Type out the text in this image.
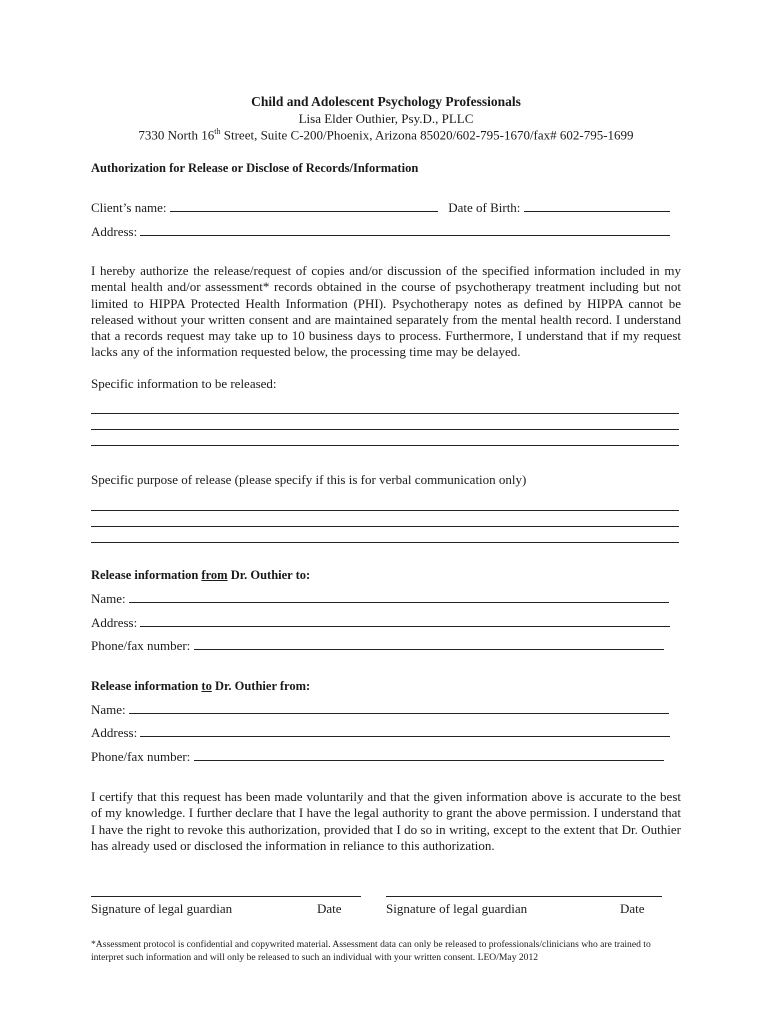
Child and Adolescent Psychology Professionals
Lisa Elder Outhier, Psy.D., PLLC
7330 North 16th Street, Suite C-200/Phoenix, Arizona 85020/602-795-1670/fax# 602-795-1699
Authorization for Release or Disclose of Records/Information
Client’s name:	Date of Birth:
Address:
I hereby authorize the release/request of copies and/or discussion of the specified information included in my mental health and/or assessment* records obtained in the course of psychotherapy treatment including but not limited to HIPPA Protected Health Information (PHI). Psychotherapy notes as defined by HIPPA cannot be released without your written consent and are maintained separately from the mental health record. I understand that a records request may take up to 10 business days to process. Furthermore, I understand that if my request lacks any of the information requested below, the processing time may be delayed.
Specific information to be released:
Specific purpose of release (please specify if this is for verbal communication only)
Release information from Dr. Outhier to:
Name:
Address:
Phone/fax number:
Release information to Dr. Outhier from:
Name:
Address:
Phone/fax number:
I certify that this request has been made voluntarily and that the given information above is accurate to the best of my knowledge. I further declare that I have the legal authority to grant the above permission. I understand that I have the right to revoke this authorization, provided that I do so in writing, except to the extent that Dr. Outhier has already used or disclosed the information in reliance to this authorization.
Signature of legal guardian	Date	Signature of legal guardian	Date
*Assessment protocol is confidential and copywrited material. Assessment data can only be released to professionals/clinicians who are trained to interpret such information and will only be released to such an individual with your written consent. LEO/May 2012
